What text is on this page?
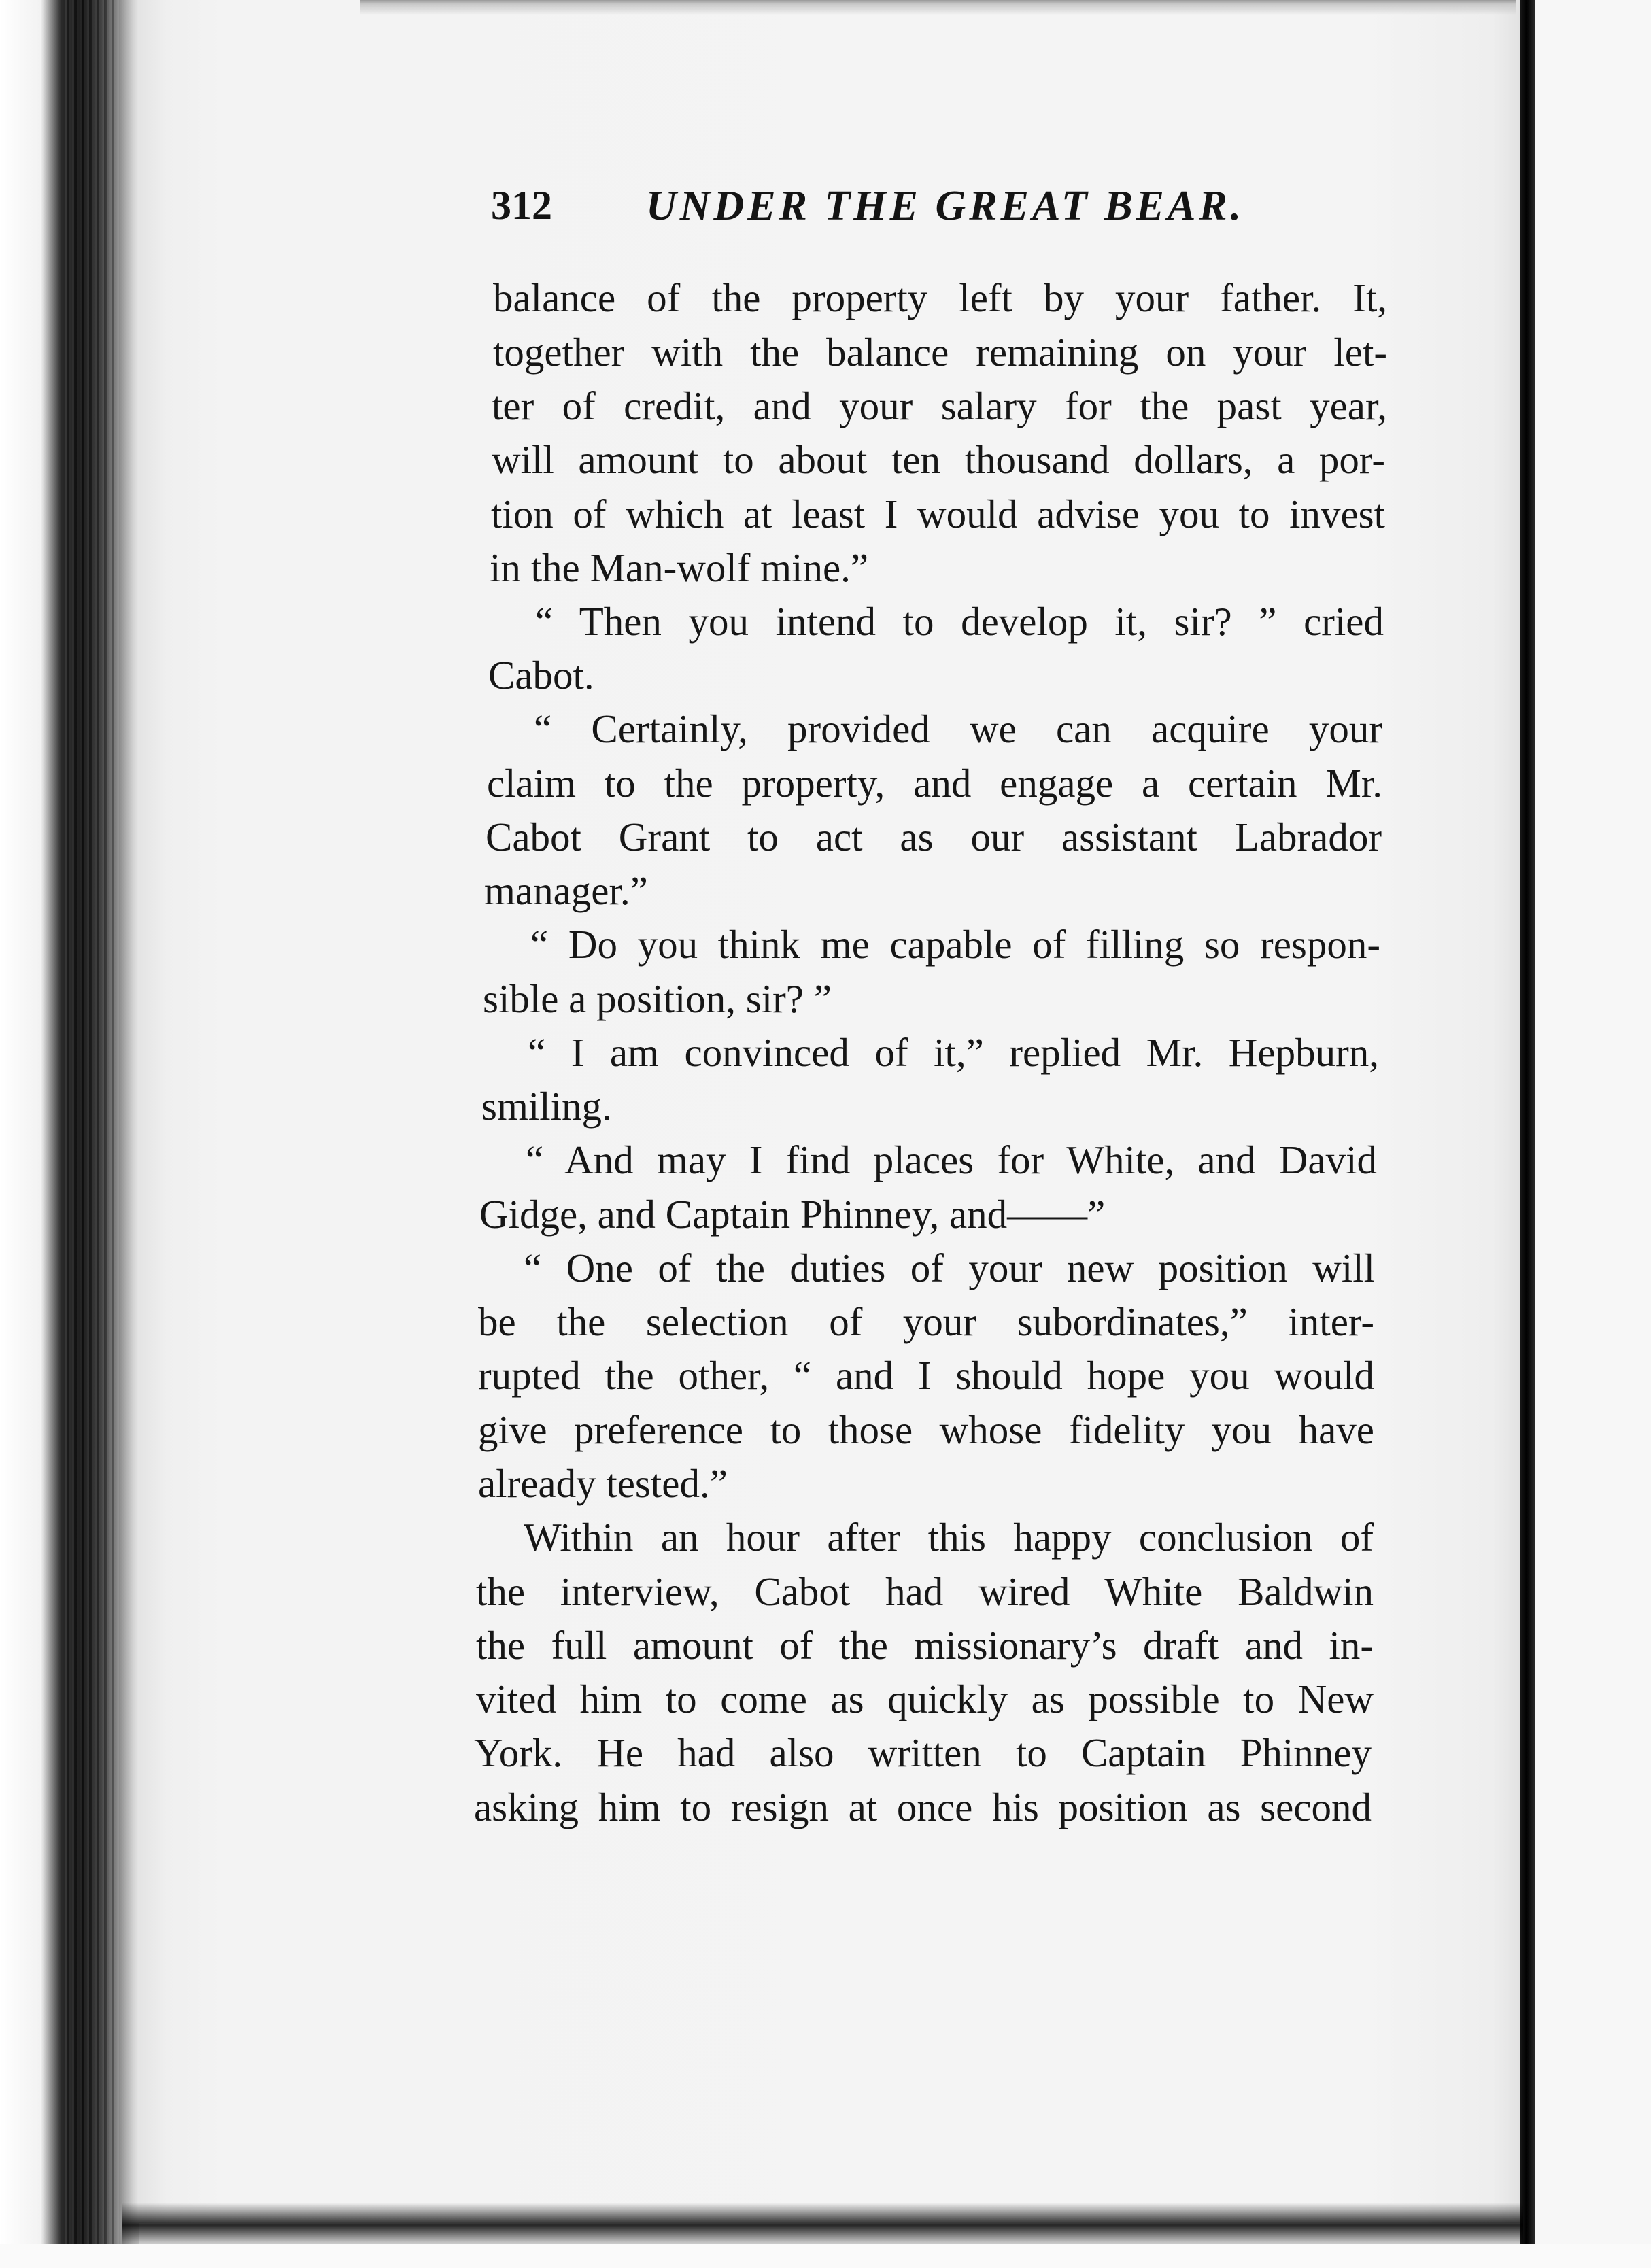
312 UNDER THE GREAT BEAR.
balance of the property left by your father. It,
together with the balance remaining on your let-
ter of credit, and your salary for the past year,
will amount to about ten thousand dollars, a por-
tion of which at least I would advise you to invest
in the Man-wolf mine.”
“ Then you intend to develop it, sir? ” cried
Cabot.
“ Certainly, provided we can acquire your
claim to the property, and engage a certain Mr.
Cabot Grant to act as our assistant Labrador
manager.”
“ Do you think me capable of filling so respon-
sible a position, sir? ”
“ I am convinced of it,” replied Mr. Hepburn,
smiling.
“ And may I find places for White, and David
Gidge, and Captain Phinney, and——”
“ One of the duties of your new position will
be the selection of your subordinates,” inter-
rupted the other, “ and I should hope you would
give preference to those whose fidelity you have
already tested.”
Within an hour after this happy conclusion of
the interview, Cabot had wired White Baldwin
the full amount of the missionary’s draft and in-
vited him to come as quickly as possible to New
York. He had also written to Captain Phinney
asking him to resign at once his position as second
